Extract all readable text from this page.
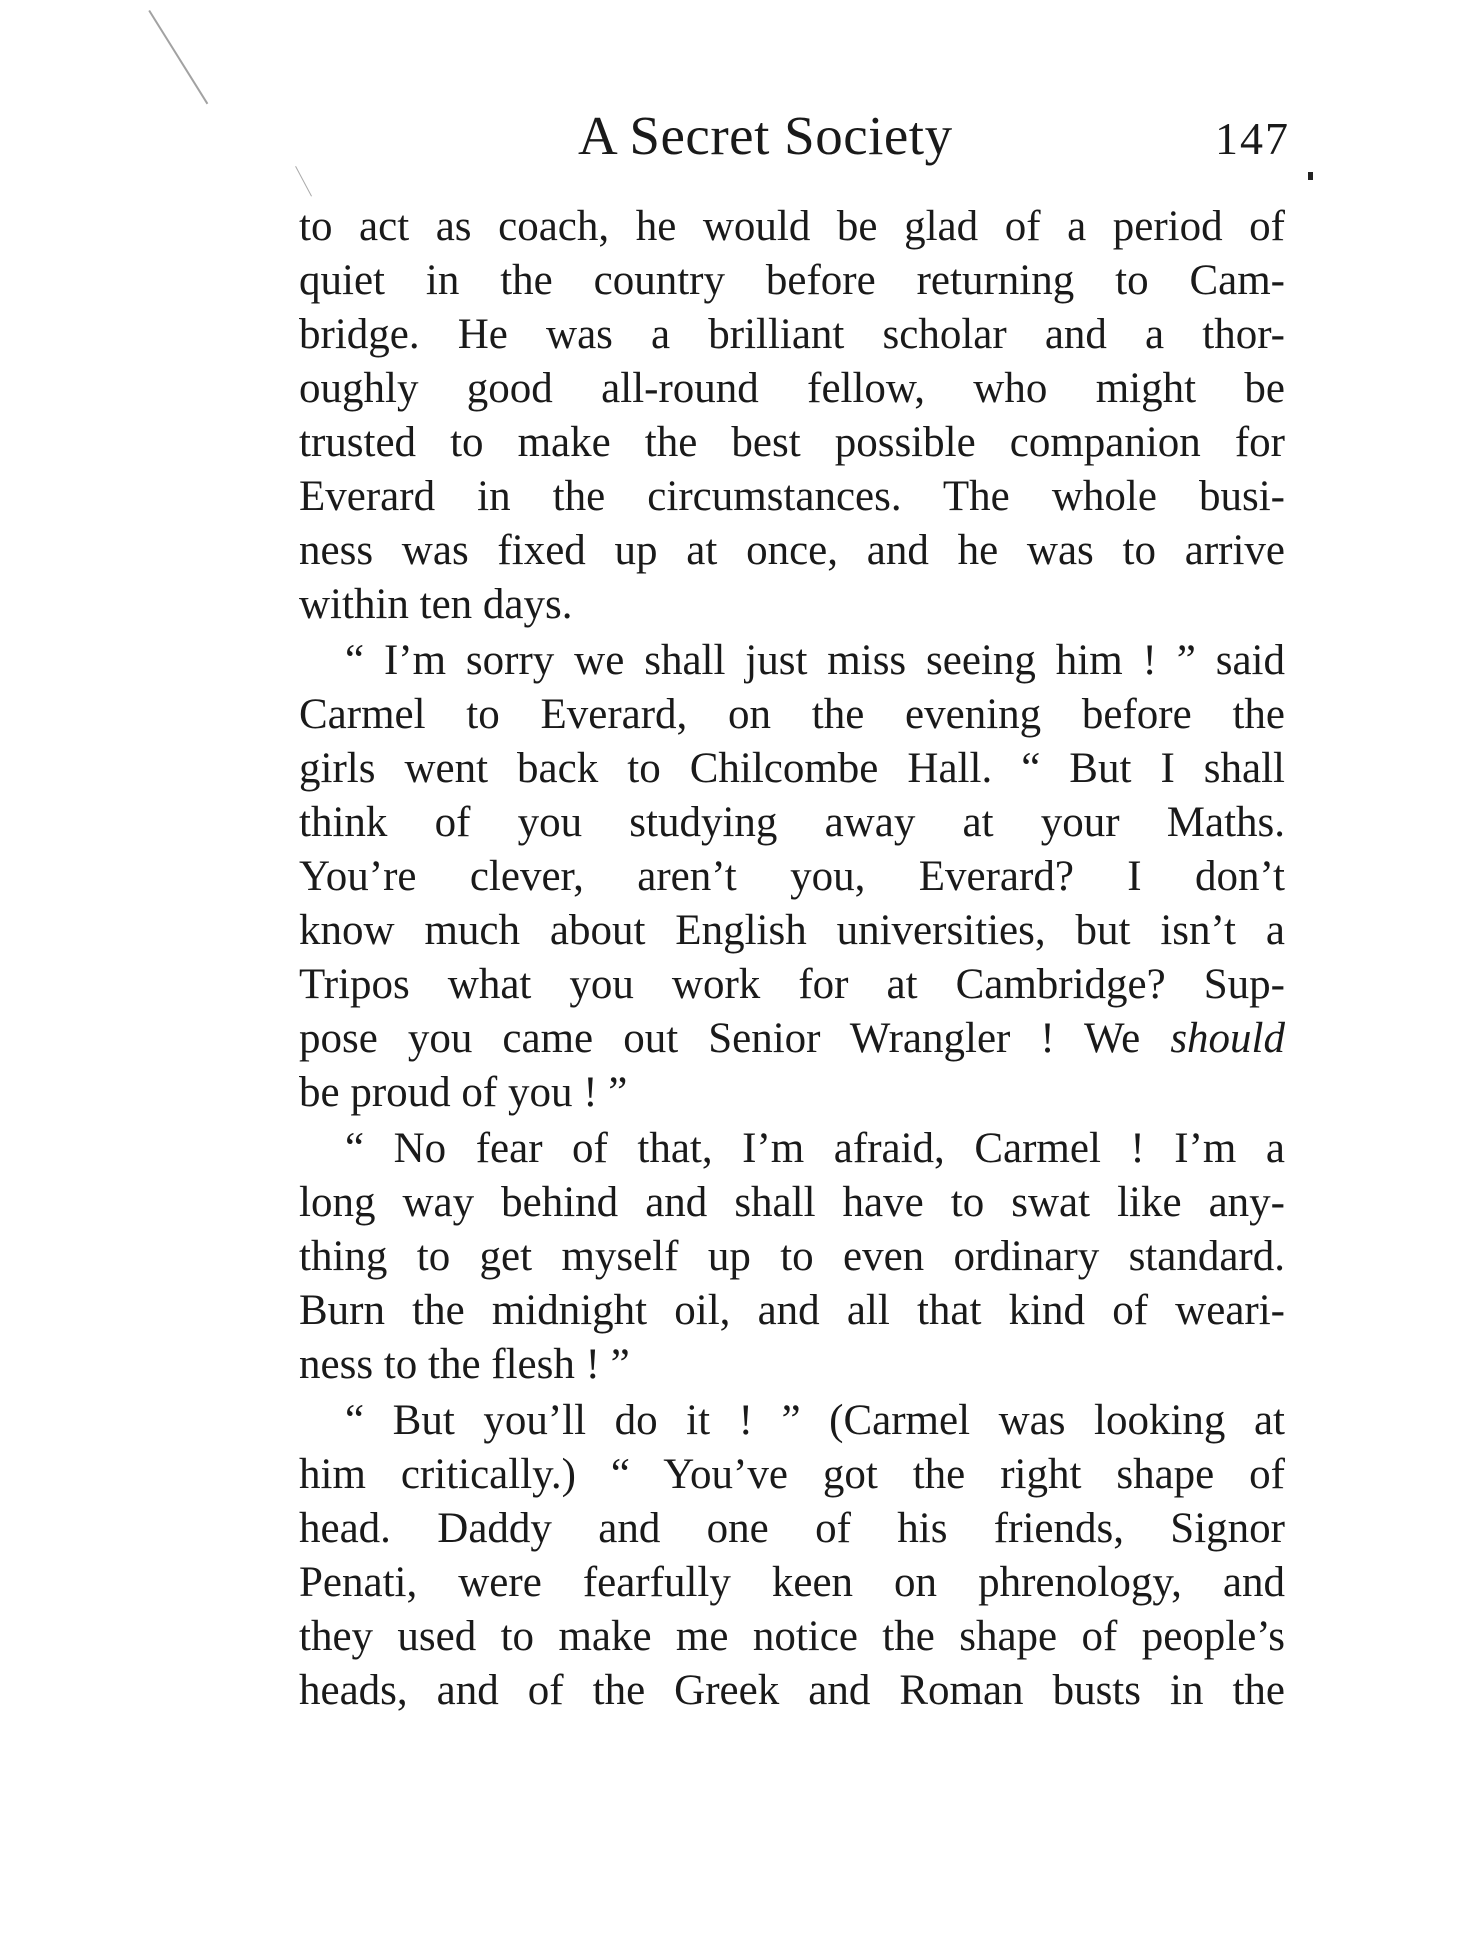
A Secret Society	147
to act as coach, he would be glad of a period of
quiet in the country before returning to Cam-
bridge. He was a brilliant scholar and a thor-
oughly good all-round fellow, who might be
trusted to make the best possible companion for
Everard in the circumstances. The whole busi-
ness was fixed up at once, and he was to arrive
within ten days.
“ I’m sorry we shall just miss seeing him ! ” said
Carmel to Everard, on the evening before the
girls went back to Chilcombe Hall. “ But I shall
think of you studying away at your Maths.
You’re clever, aren’t you, Everard? I don’t
know much about English universities, but isn’t a
Tripos what you work for at Cambridge? Sup-
pose you came out Senior Wrangler ! We should
be proud of you ! ”
“ No fear of that, I’m afraid, Carmel ! I’m a
long way behind and shall have to swat like any-
thing to get myself up to even ordinary standard.
Burn the midnight oil, and all that kind of weari-
ness to the flesh ! ”
“ But you’ll do it ! ” (Carmel was looking at
him critically.) “ You’ve got the right shape of
head. Daddy and one of his friends, Signor
Penati, were fearfully keen on phrenology, and
they used to make me notice the shape of people’s
heads, and of the Greek and Roman busts in the
